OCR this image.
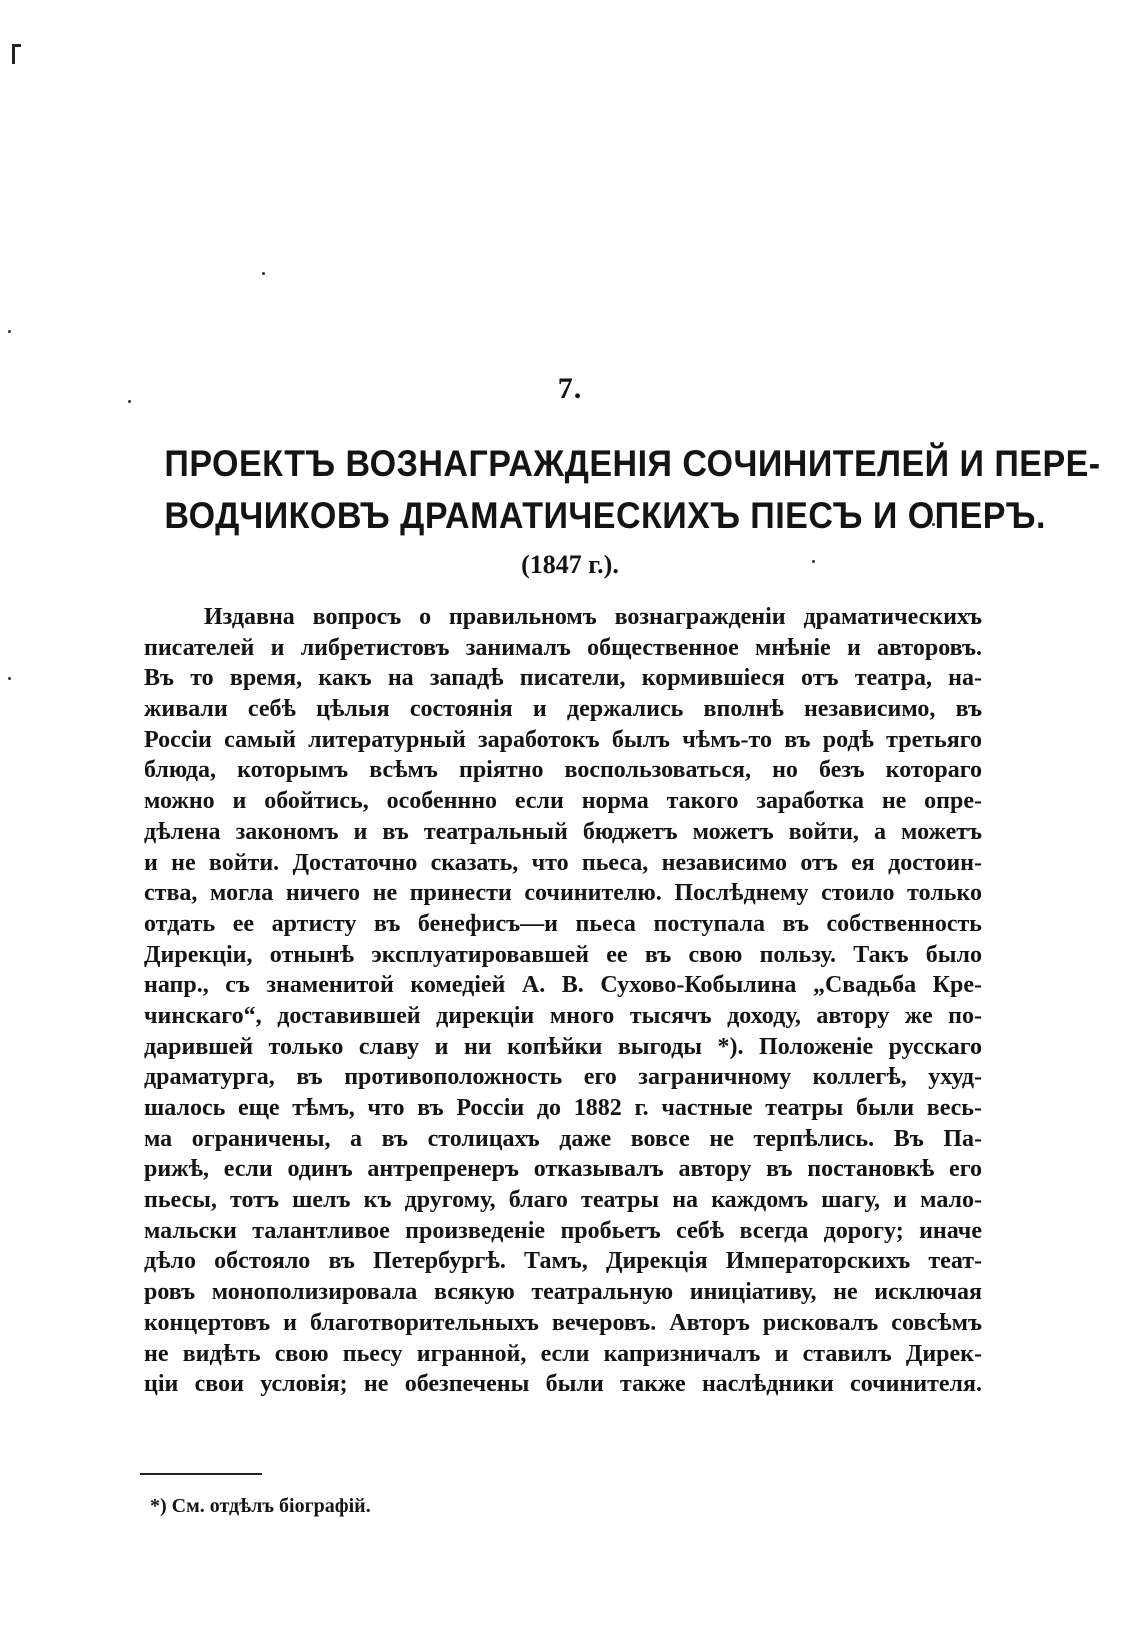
7.
ПРОЕКТЪ ВОЗНАГРАЖДЕНІЯ СОЧИНИТЕЛЕЙ И ПЕРЕ-
ВОДЧИКОВЪ ДРАМАТИЧЕСКИХЪ ПІЕСЪ И ОПЕРЪ.
(1847 г.).
Издавна вопросъ о правильномъ вознагражденіи драматическихъ
писателей и либретистовъ занималъ общественное мнѣніе и авторовъ.
Въ то время, какъ на западѣ писатели, кормившіеся отъ театра, на-
живали себѣ цѣлыя состоянія и держались вполнѣ независимо, въ
Россіи самый литературный заработокъ былъ чѣмъ-то въ родѣ третьяго
блюда, которымъ всѣмъ пріятно воспользоваться, но безъ котораго
можно и обойтись, особеннно если норма такого заработка не опре-
дѣлена закономъ и въ театральный бюджетъ можетъ войти, а можетъ
и не войти. Достаточно сказать, что пьеса, независимо отъ ея достоин-
ства, могла ничего не принести сочинителю. Послѣднему стоило только
отдать ее артисту въ бенефисъ—и пьеса поступала въ собственность
Дирекціи, отнынѣ эксплуатировавшей ее въ свою пользу. Такъ было
напр., съ знаменитой комедіей А. В. Сухово-Кобылина „Свадьба Кре-
чинскаго“, доставившей дирекціи много тысячъ доходу, автору же по-
дарившей только славу и ни копѣйки выгоды *). Положеніе русскаго
драматурга, въ противоположность его заграничному коллегѣ, ухуд-
шалось еще тѣмъ, что въ Россіи до 1882 г. частные театры были весь-
ма ограничены, а въ столицахъ даже вовсе не терпѣлись. Въ Па-
рижѣ, если одинъ антрепренеръ отказывалъ автору въ постановкѣ его
пьесы, тотъ шелъ къ другому, благо театры на каждомъ шагу, и мало-
мальски талантливое произведеніе пробьетъ себѣ всегда дорогу; иначе
дѣло обстояло въ Петербургѣ. Тамъ, Дирекція Императорскихъ теат-
ровъ монополизировала всякую театральную иниціативу, не исключая
концертовъ и благотворительныхъ вечеровъ. Авторъ рисковалъ совсѣмъ
не видѣть свою пьесу игранной, если капризничалъ и ставилъ Дирек-
ціи свои условія; не обезпечены были также наслѣдники сочинителя.
*) См. отдѣлъ біографій.
